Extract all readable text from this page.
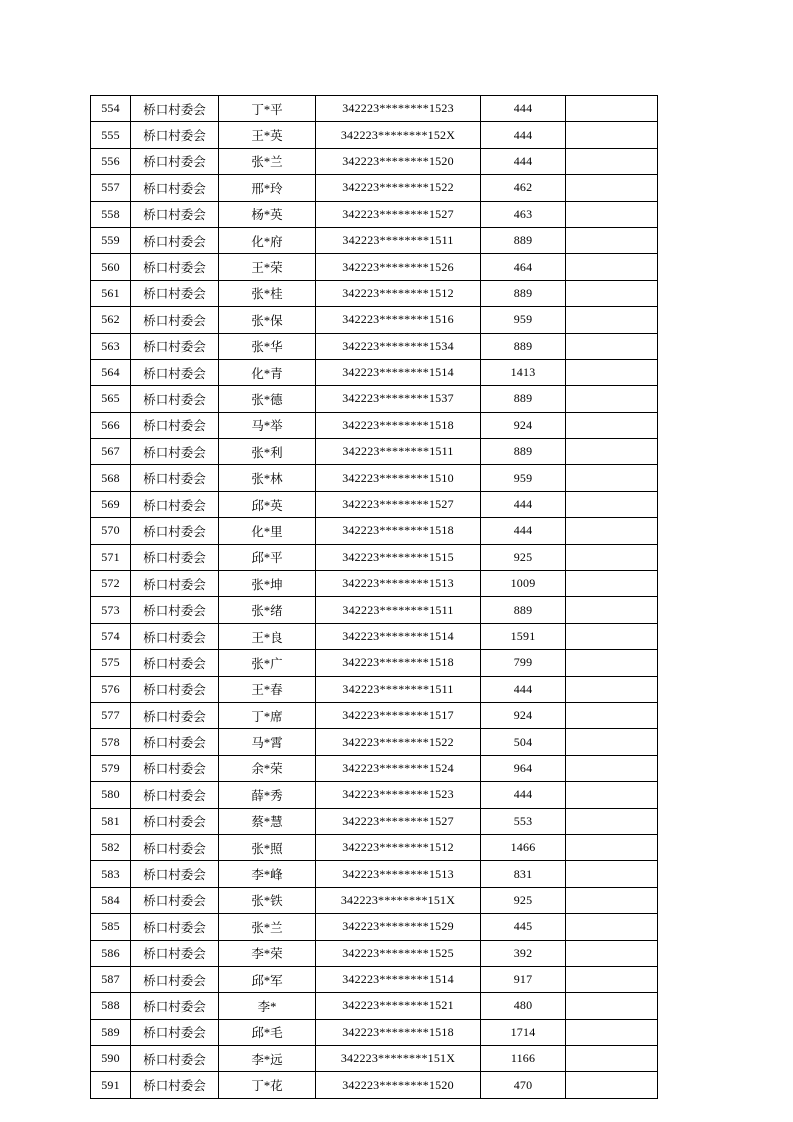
554	桥口村委会	丁*平	342223********1523	444	
555	桥口村委会	王*英	342223********152X	444	
556	桥口村委会	张*兰	342223********1520	444	
557	桥口村委会	邢*玲	342223********1522	462	
558	桥口村委会	杨*英	342223********1527	463	
559	桥口村委会	化*府	342223********1511	889	
560	桥口村委会	王*荣	342223********1526	464	
561	桥口村委会	张*桂	342223********1512	889	
562	桥口村委会	张*保	342223********1516	959	
563	桥口村委会	张*华	342223********1534	889	
564	桥口村委会	化*青	342223********1514	1413	
565	桥口村委会	张*德	342223********1537	889	
566	桥口村委会	马*举	342223********1518	924	
567	桥口村委会	张*利	342223********1511	889	
568	桥口村委会	张*林	342223********1510	959	
569	桥口村委会	邱*英	342223********1527	444	
570	桥口村委会	化*里	342223********1518	444	
571	桥口村委会	邱*平	342223********1515	925	
572	桥口村委会	张*坤	342223********1513	1009	
573	桥口村委会	张*绪	342223********1511	889	
574	桥口村委会	王*良	342223********1514	1591	
575	桥口村委会	张*广	342223********1518	799	
576	桥口村委会	王*春	342223********1511	444	
577	桥口村委会	丁*席	342223********1517	924	
578	桥口村委会	马*霄	342223********1522	504	
579	桥口村委会	余*荣	342223********1524	964	
580	桥口村委会	薛*秀	342223********1523	444	
581	桥口村委会	蔡*慧	342223********1527	553	
582	桥口村委会	张*照	342223********1512	1466	
583	桥口村委会	李*峰	342223********1513	831	
584	桥口村委会	张*铁	342223********151X	925	
585	桥口村委会	张*兰	342223********1529	445	
586	桥口村委会	李*荣	342223********1525	392	
587	桥口村委会	邱*军	342223********1514	917	
588	桥口村委会	李*	342223********1521	480	
589	桥口村委会	邱*毛	342223********1518	1714	
590	桥口村委会	李*远	342223********151X	1166	
591	桥口村委会	丁*花	342223********1520	470	
